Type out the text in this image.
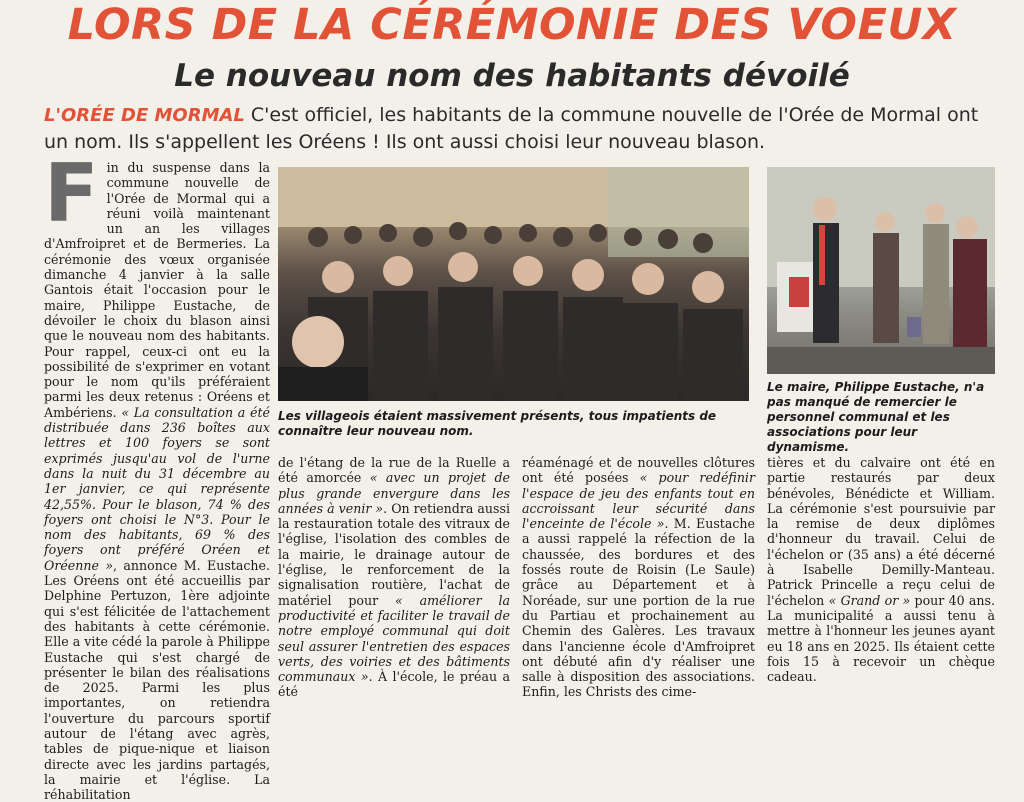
LORS DE LA CÉRÉMONIE DES VOEUX
Le nouveau nom des habitants dévoilé
L'ORÉE DE MORMAL C'est officiel, les habitants de la commune nouvelle de l'Orée de Mormal ont un nom. Ils s'appellent les Oréens ! Ils ont aussi choisi leur nouveau blason.
Fin du suspense dans la commune nouvelle de l'Orée de Mormal qui a réuni voilà maintenant un an les villages d'Amfroipret et de Bermeries. La cérémonie des vœux organisée dimanche 4 janvier à la salle Gantois était l'occasion pour le maire, Philippe Eustache, de dévoiler le choix du blason ainsi que le nouveau nom des habitants. Pour rappel, ceux-ci ont eu la possibilité de s'exprimer en votant pour le nom qu'ils préféraient parmi les deux retenus : Oréens et Ambériens. « La consultation a été distribuée dans 236 boîtes aux lettres et 100 foyers se sont exprimés jusqu'au vol de l'urne dans la nuit du 31 décembre au 1er janvier, ce qui représente 42,55%. Pour le blason, 74 % des foyers ont choisi le N°3. Pour le nom des habitants, 69 % des foyers ont préféré Oréen et Oréenne », annonce M. Eustache. Les Oréens ont été accueillis par Delphine Pertuzon, 1ère adjointe qui s'est félicitée de l'attachement des habitants à cette cérémonie. Elle a vite cédé la parole à Philippe Eustache qui s'est chargé de présenter le bilan des réalisations de 2025. Parmi les plus importantes, on retiendra l'ouverture du parcours sportif autour de l'étang avec agrès, tables de pique-nique et liaison directe avec les jardins partagés, la mairie et l'église. La réhabilitation
Les villageois étaient massivement présents, tous impatients de connaître leur nouveau nom.
Le maire, Philippe Eustache, n'a pas manqué de remercier le personnel communal et les associations pour leur dynamisme.
de l'étang de la rue de la Ruelle a été amorcée « avec un projet de plus grande envergure dans les années à venir ». On retiendra aussi la restauration totale des vitraux de l'église, l'isolation des combles de la mairie, le drainage autour de l'église, le renforcement de la signalisation routière, l'achat de matériel pour « améliorer la productivité et faciliter le travail de notre employé communal qui doit seul assurer l'entretien des espaces verts, des voiries et des bâtiments communaux ». À l'école, le préau a été
réaménagé et de nouvelles clôtures ont été posées « pour redéfinir l'espace de jeu des enfants tout en accroissant leur sécurité dans l'enceinte de l'école ». M. Eustache a aussi rappelé la réfection de la chaussée, des bordures et des fossés route de Roisin (Le Saule) grâce au Département et à Noréade, sur une portion de la rue du Partiau et prochainement au Chemin des Galères. Les travaux dans l'ancienne école d'Amfroipret ont débuté afin d'y réaliser une salle à disposition des associations. Enfin, les Christs des cime-
tières et du calvaire ont été en partie restaurés par deux bénévoles, Bénédicte et William. La cérémonie s'est poursuivie par la remise de deux diplômes d'honneur du travail. Celui de l'échelon or (35 ans) a été décerné à Isabelle Demilly-Manteau. Patrick Princelle a reçu celui de l'échelon « Grand or » pour 40 ans. La municipalité a aussi tenu à mettre à l'honneur les jeunes ayant eu 18 ans en 2025. Ils étaient cette fois 15 à recevoir un chèque cadeau.
